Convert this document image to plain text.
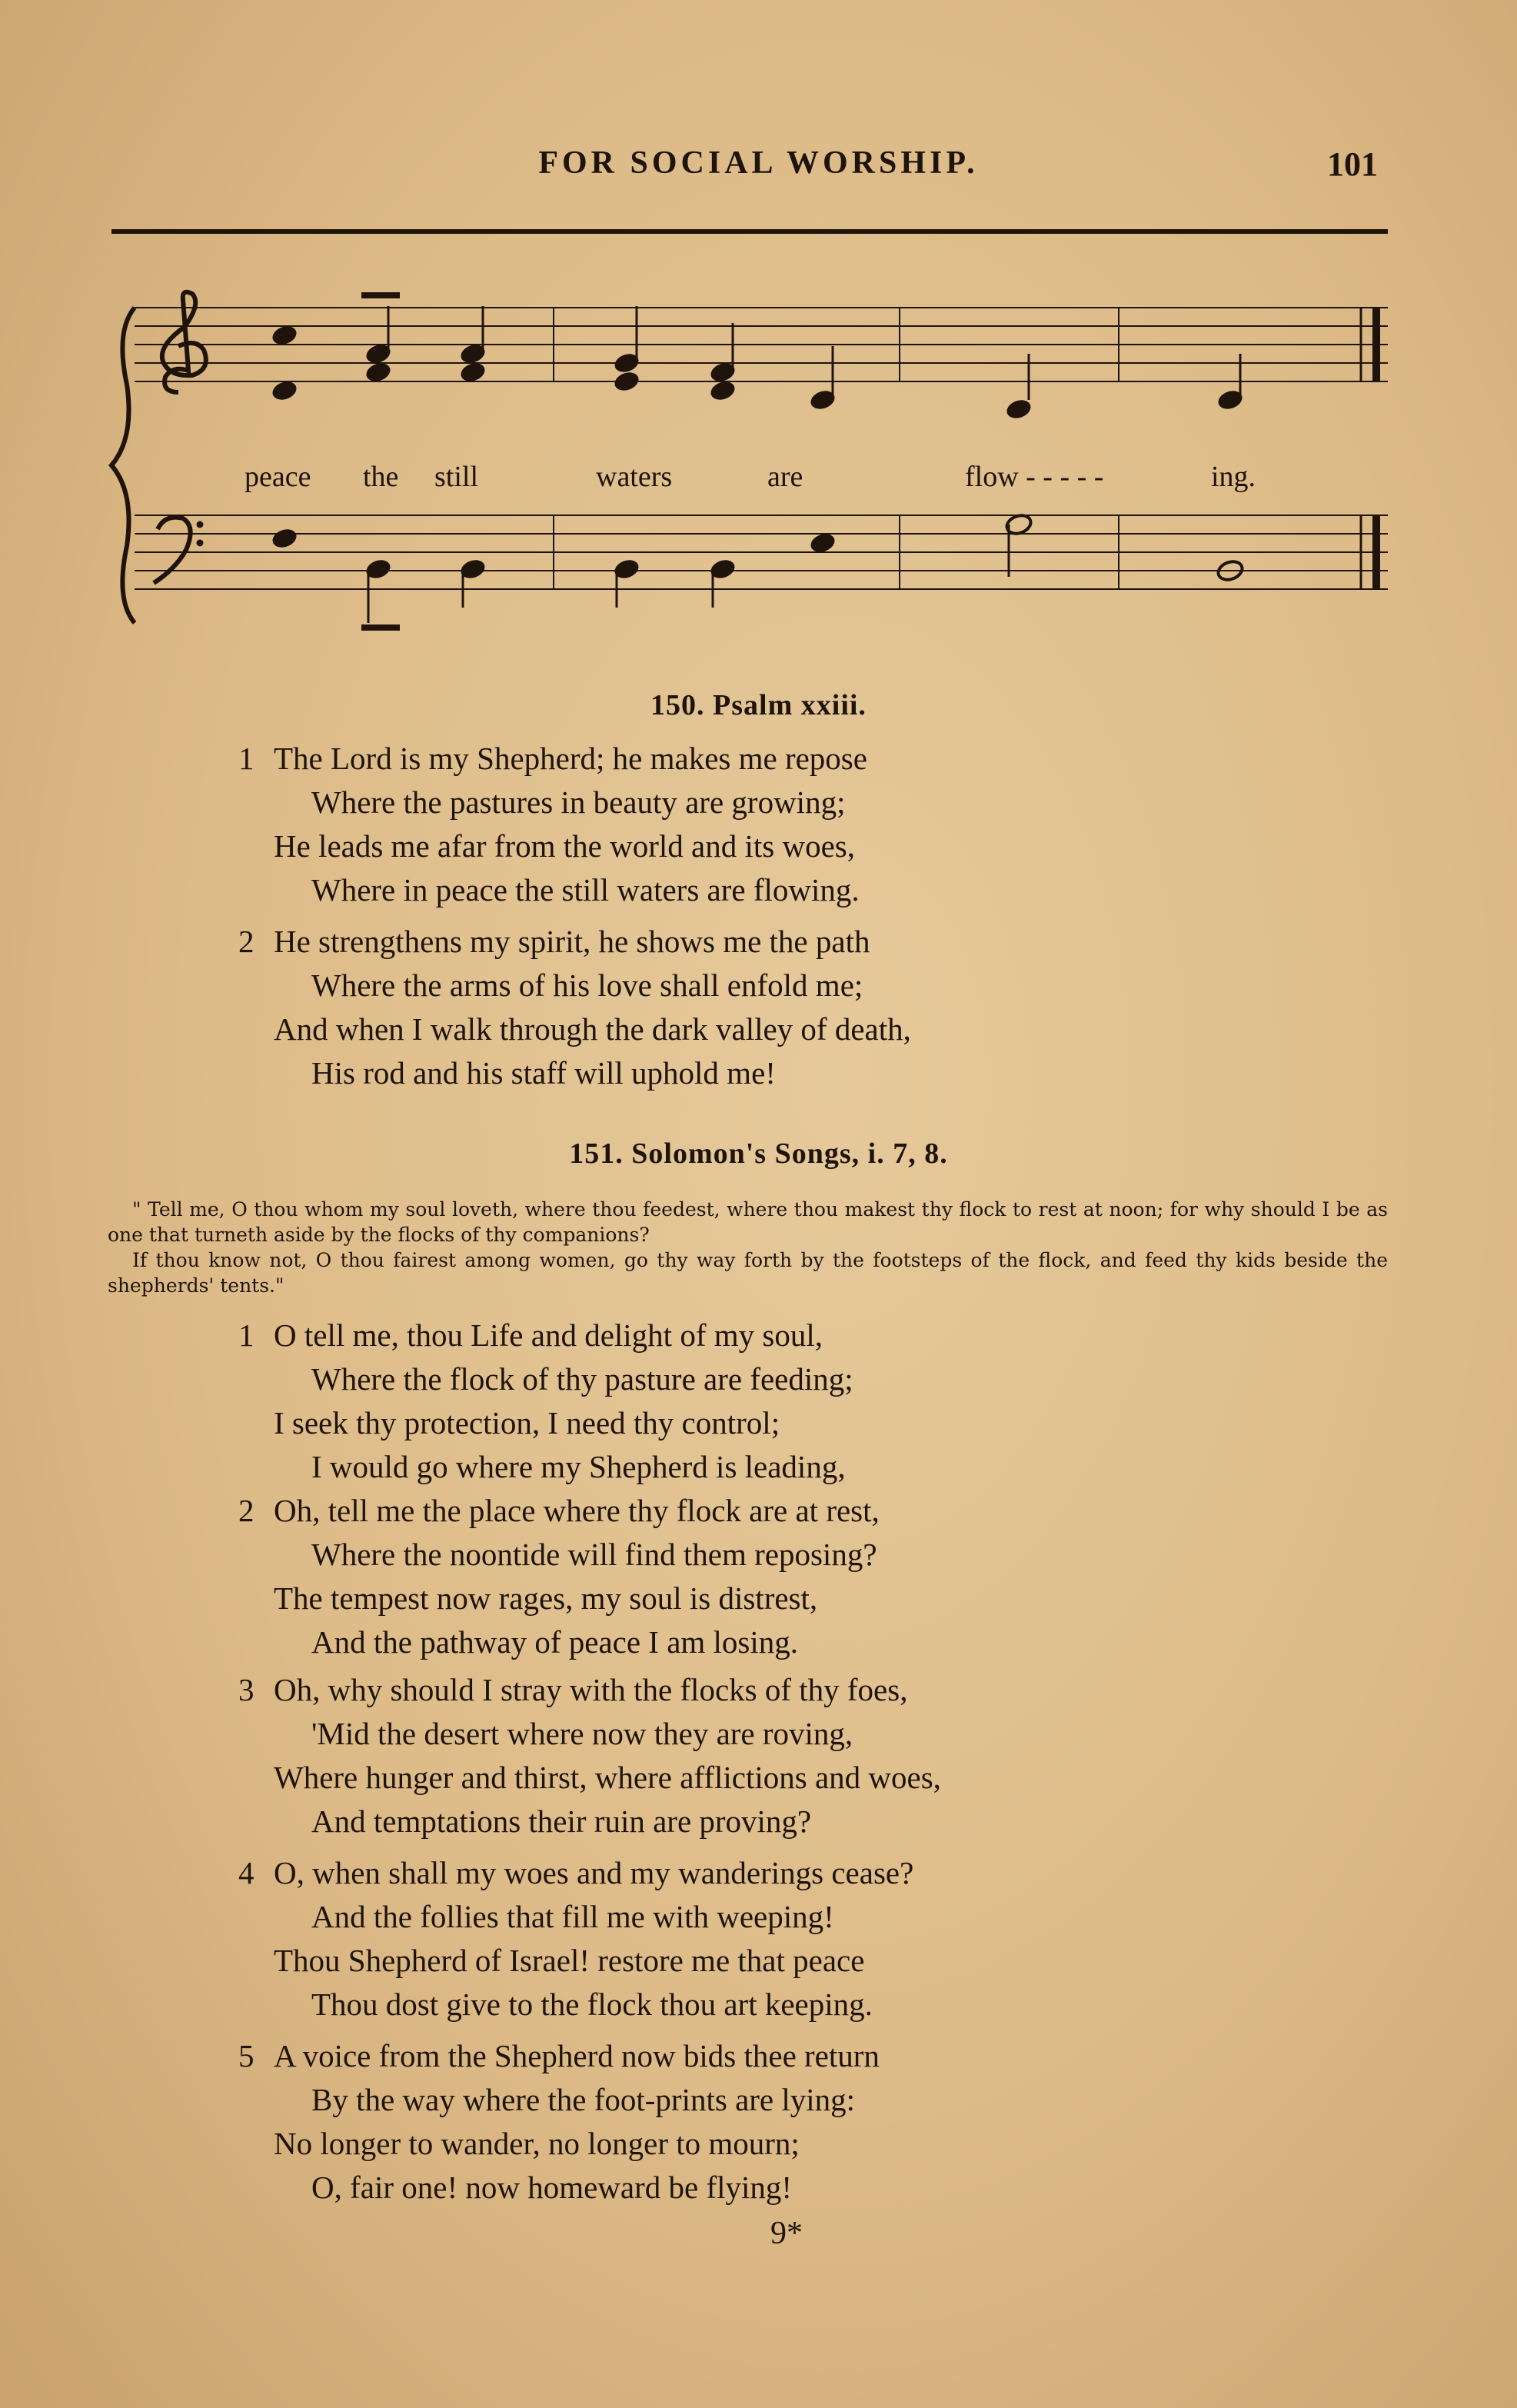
FOR SOCIAL WORSHIP.	101
peace the still	waters	are	flow - - - - -	ing.
150. Psalm xxiii.
1 The Lord is my Shepherd; he makes me repose
Where the pastures in beauty are growing;
He leads me afar from the world and its woes,
Where in peace the still waters are flowing.
2 He strengthens my spirit, he shows me the path
Where the arms of his love shall enfold me;
And when I walk through the dark valley of death,
His rod and his staff will uphold me!
151. Solomon's Songs, i. 7, 8.

" Tell me, O thou whom my soul loveth, where thou feedest, where thou makest thy flock to rest at noon; for why should I be as one that turneth aside by the flocks of thy companions?

If thou know not, O thou fairest among women, go thy way forth by the footsteps of the flock, and feed thy kids beside the shepherds' tents."

1 O tell me, thou Life and delight of my soul,
Where the flock of thy pasture are feeding;
I seek thy protection, I need thy control;
I would go where my Shepherd is leading,
2 Oh, tell me the place where thy flock are at rest,
Where the noontide will find them reposing?
The tempest now rages, my soul is distrest,
And the pathway of peace I am losing.
3 Oh, why should I stray with the flocks of thy foes,
'Mid the desert where now they are roving,
Where hunger and thirst, where afflictions and woes,
And temptations their ruin are proving?
4 O, when shall my woes and my wanderings cease?
And the follies that fill me with weeping!
Thou Shepherd of Israel! restore me that peace
Thou dost give to the flock thou art keeping.
5 A voice from the Shepherd now bids thee return
By the way where the foot-prints are lying:
No longer to wander, no longer to mourn;
O, fair one! now homeward be flying!
9*
